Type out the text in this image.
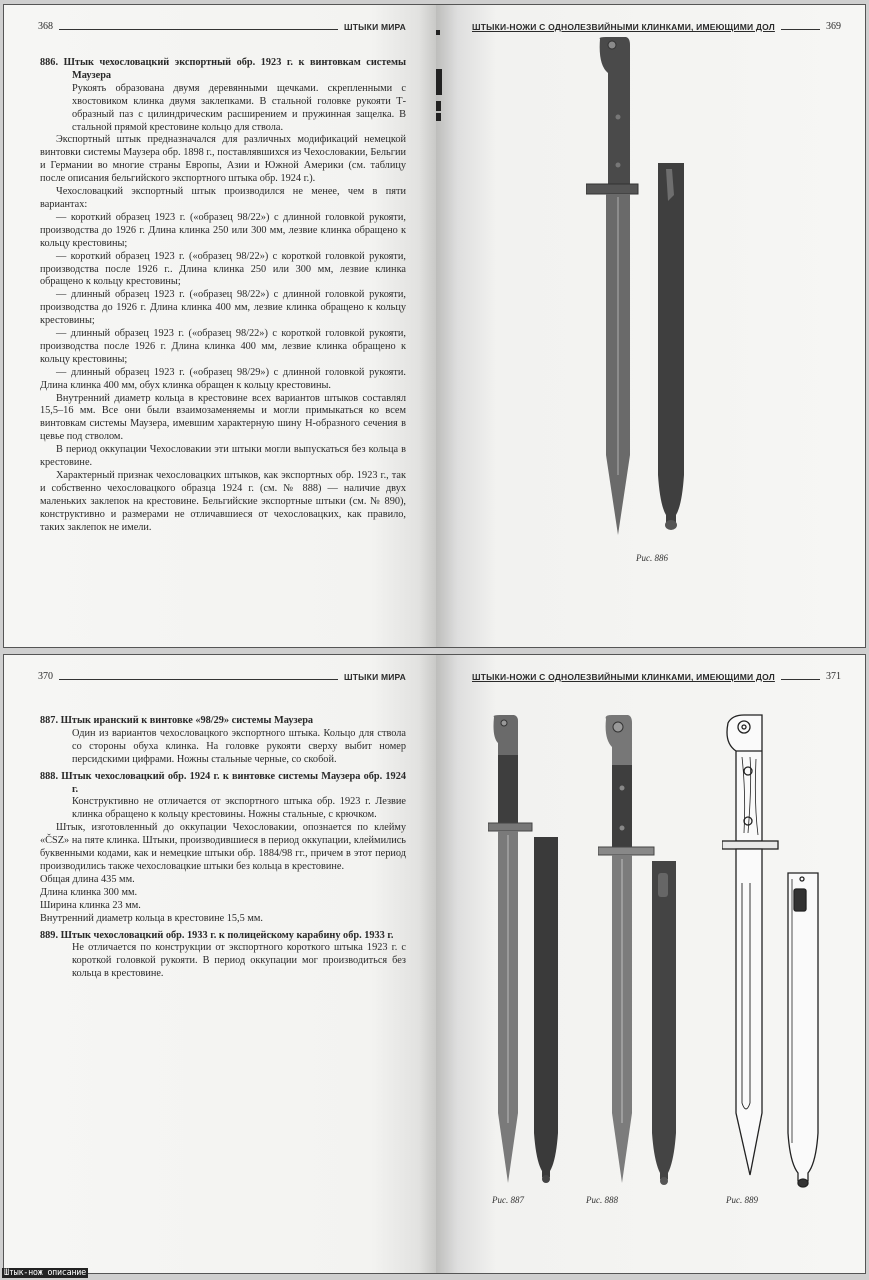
368	ШТЫКИ МИРА

886. Штык чехословацкий экспортный обр. 1923 г. к винтовкам системы Маузера

Рукоять образована двумя деревянными щечками. скрепленными с хвостовиком клинка двумя заклепками. В стальной головке рукояти Т-образный паз с цилиндрическим расширением и пружинная защелка. В стальной прямой крестовине кольцо для ствола.

Экспортный штык предназначался для различных модификаций немецкой винтовки системы Маузера обр. 1898 г., поставлявшихся из Чехословакии, Бельгии и Германии во многие страны Европы, Азии и Южной Америки (см. таблицу после описания бельгийского экспортного штыка обр. 1924 г.).

Чехословацкий экспортный штык производился не менее, чем в пяти вариантах:

— короткий образец 1923 г. («образец 98/22») с длинной головкой рукояти, производства до 1926 г. Длина клинка 250 или 300 мм, лезвие клинка обращено к кольцу крестовины;

— короткий образец 1923 г. («образец 98/22») с короткой головкой рукояти, производства после 1926 г.. Длина клинка 250 или 300 мм, лезвие клинка обращено к кольцу крестовины;

— длинный образец 1923 г. («образец 98/22») с длинной головкой рукояти, производства до 1926 г. Длина клинка 400 мм, лезвие клинка обращено к кольцу крестовины;

— длинный образец 1923 г. («образец 98/22») с короткой головкой рукояти, производства после 1926 г. Длина клинка 400 мм, лезвие клинка обращено к кольцу крестовины;

— длинный образец 1923 г. («образец 98/29») с длинной головкой рукояти. Длина клинка 400 мм, обух клинка обращен к кольцу крестовины.

Внутренний диаметр кольца в крестовине всех вариантов штыков составлял 15,5–16 мм. Все они были взаимозаменяемы и могли примыкаться ко всем винтовкам системы Маузера, имевшим характерную шину Н-образного сечения в цевье под стволом.

В период оккупации Чехословакии эти штыки могли выпускаться без кольца в крестовине.

Характерный признак чехословацких штыков, как экспортных обр. 1923 г., так и собственно чехословацкого образца 1924 г. (см. № 888) — наличие двух маленьких заклепок на крестовине. Бельгийские экспортные штыки (см. № 890), конструктивно и размерами не отличавшиеся от чехословацких, как правило, таких заклепок не имели.

ШТЫКИ-НОЖИ С ОДНОЛЕЗВИЙНЫМИ КЛИНКАМИ, ИМЕЮЩИМИ ДОЛ	369
Рис. 886
370	ШТЫКИ МИРА

887. Штык иранский к винтовке «98/29» системы Маузера

Один из вариантов чехословацкого экспортного штыка. Кольцо для ствола со стороны обуха клинка. На головке рукояти сверху выбит номер персидскими цифрами. Ножны стальные черные, со скобой.

888. Штык чехословацкий обр. 1924 г. к винтовке системы Маузера обр. 1924 г.

Конструктивно не отличается от экспортного штыка обр. 1923 г. Лезвие клинка обращено к кольцу крестовины. Ножны стальные, с крючком.

Штык, изготовленный до оккупации Чехословакии, опознается по клейму «ČSZ» на пяте клинка. Штыки, производившиеся в период оккупации, клеймились буквенными кодами, как и немецкие штыки обр. 1884/98 гг., причем в этот период производились также чехословацкие штыки без кольца в крестовине.

Общая длина 435 мм.

Длина клинка 300 мм.

Ширина клинка 23 мм.

Внутренний диаметр кольца в крестовине 15,5 мм.

889. Штык чехословацкий обр. 1933 г. к полицейскому карабину обр. 1933 г.

Не отличается по конструкции от экспортного короткого штыка 1923 г. с короткой головкой рукояти. В период оккупации мог производиться без кольца в крестовине.

ШТЫКИ-НОЖИ С ОДНОЛЕЗВИЙНЫМИ КЛИНКАМИ, ИМЕЮЩИМИ ДОЛ	371
Рис. 887	Рис. 888	Рис. 889
Штык-нож описание
